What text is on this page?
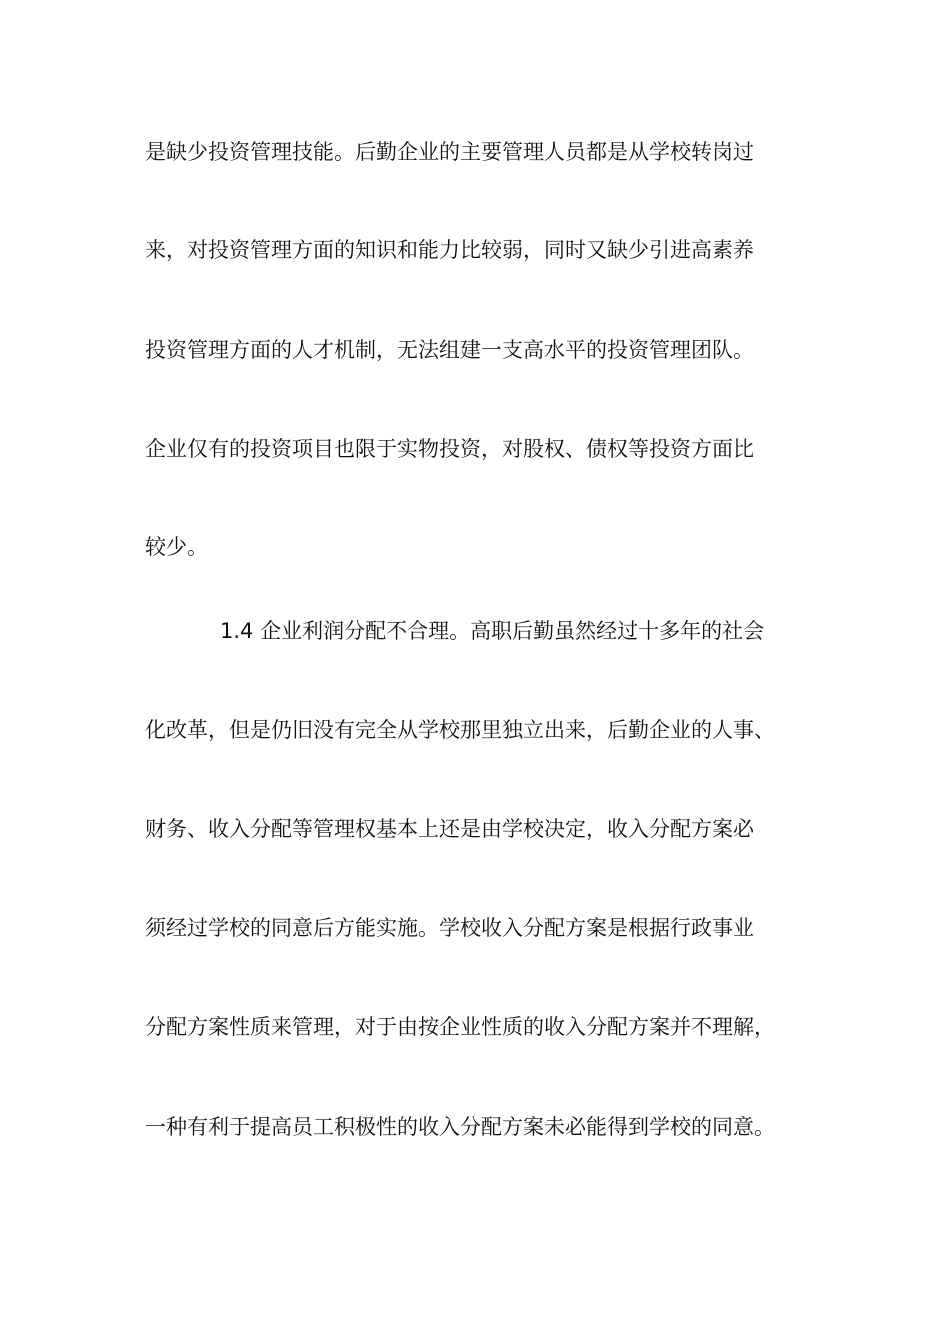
是缺少投资管理技能。后勤企业的主要管理人员都是从学校转岗过
来，对投资管理方面的知识和能力比较弱，同时又缺少引进高素养
投资管理方面的人才机制，无法组建一支高水平的投资管理团队。
企业仅有的投资项目也限于实物投资，对股权、债权等投资方面比
较少。
1.4 企业利润分配不合理。高职后勤虽然经过十多年的社会
化改革，但是仍旧没有完全从学校那里独立出来，后勤企业的人事、
财务、收入分配等管理权基本上还是由学校决定，收入分配方案必
须经过学校的同意后方能实施。学校收入分配方案是根据行政事业
分配方案性质来管理，对于由按企业性质的收入分配方案并不理解，
一种有利于提高员工积极性的收入分配方案未必能得到学校的同意。
